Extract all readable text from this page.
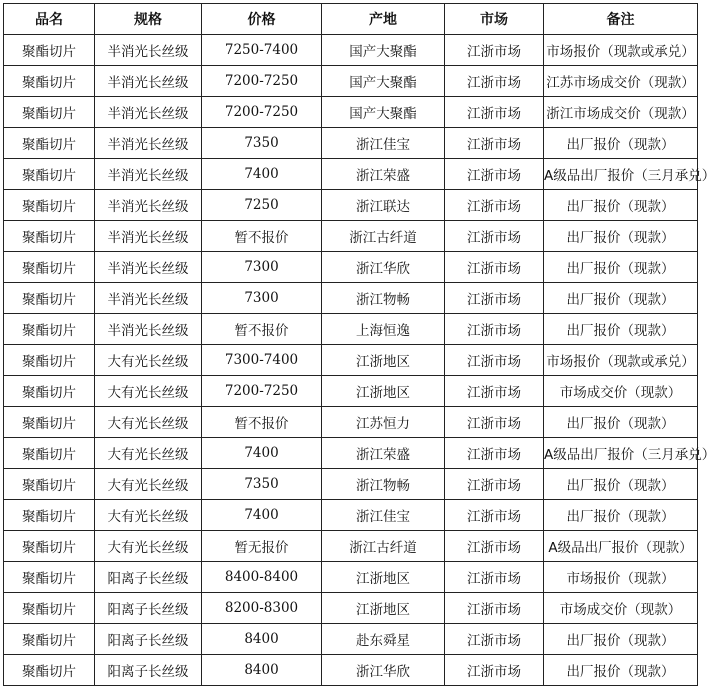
品名	规格	价格	产地	市场	备注
聚酯切片	半消光长丝级	7250-7400	国产大聚酯	江浙市场	市场报价（现款或承兑）
聚酯切片	半消光长丝级	7200-7250	国产大聚酯	江浙市场	江苏市场成交价（现款）
聚酯切片	半消光长丝级	7200-7250	国产大聚酯	江浙市场	浙江市场成交价（现款）
聚酯切片	半消光长丝级	7350	浙江佳宝	江浙市场	出厂报价（现款）
聚酯切片	半消光长丝级	7400	浙江荣盛	江浙市场	A级品出厂报价（三月承兑）
聚酯切片	半消光长丝级	7250	浙江联达	江浙市场	出厂报价（现款）
聚酯切片	半消光长丝级	暂不报价	浙江古纤道	江浙市场	出厂报价（现款）
聚酯切片	半消光长丝级	7300	浙江华欣	江浙市场	出厂报价（现款）
聚酯切片	半消光长丝级	7300	浙江物畅	江浙市场	出厂报价（现款）
聚酯切片	半消光长丝级	暂不报价	上海恒逸	江浙市场	出厂报价（现款）
聚酯切片	大有光长丝级	7300-7400	江浙地区	江浙市场	市场报价（现款或承兑）
聚酯切片	大有光长丝级	7200-7250	江浙地区	江浙市场	市场成交价（现款）
聚酯切片	大有光长丝级	暂不报价	江苏恒力	江浙市场	出厂报价（现款）
聚酯切片	大有光长丝级	7400	浙江荣盛	江浙市场	A级品出厂报价（三月承兑）
聚酯切片	大有光长丝级	7350	浙江物畅	江浙市场	出厂报价（现款）
聚酯切片	大有光长丝级	7400	浙江佳宝	江浙市场	出厂报价（现款）
聚酯切片	大有光长丝级	暂无报价	浙江古纤道	江浙市场	A级品出厂报价（现款）
聚酯切片	阳离子长丝级	8400-8400	江浙地区	江浙市场	市场报价（现款）
聚酯切片	阳离子长丝级	8200-8300	江浙地区	江浙市场	市场成交价（现款）
聚酯切片	阳离子长丝级	8400	赴东舜星	江浙市场	出厂报价（现款）
聚酯切片	阳离子长丝级	8400	浙江华欣	江浙市场	出厂报价（现款）
